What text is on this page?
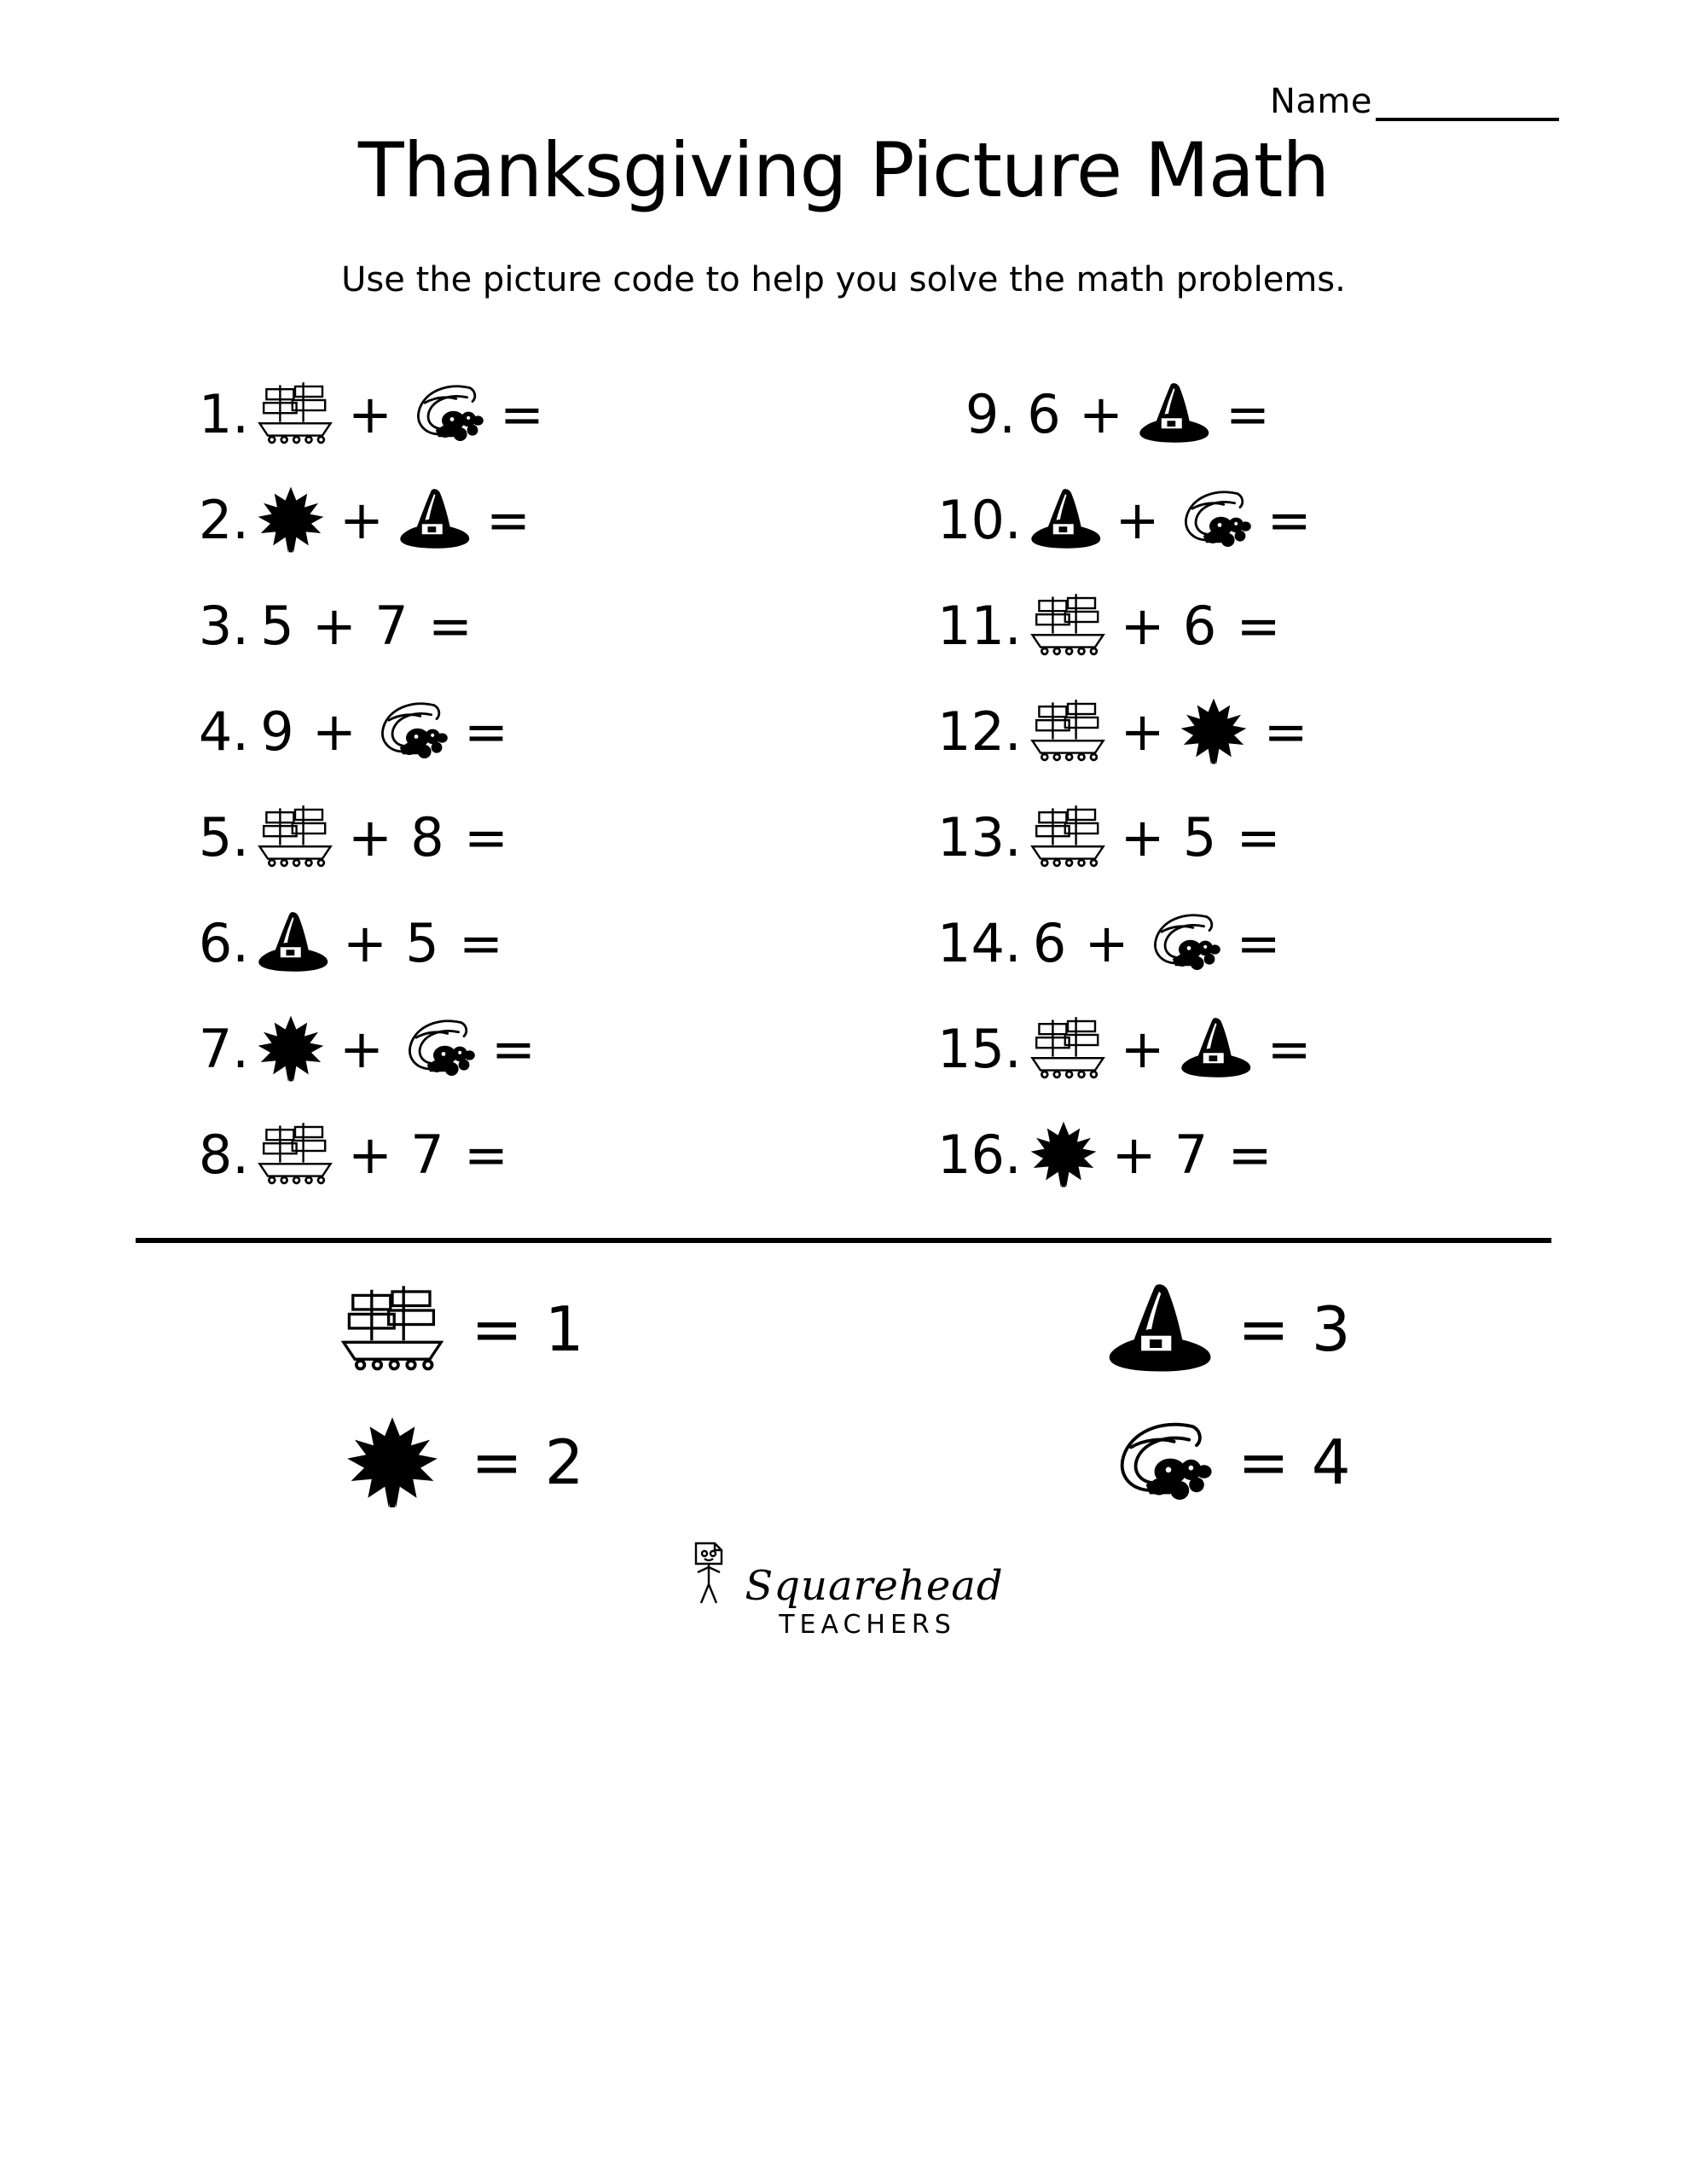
Name
Thanksgiving Picture Math

Use the picture code to help you solve the math problems.

1. + =	9. 6 + =
2. + =	10. + =
3. 5 + 7 =	11. + 6 =
4. 9 + =	12. + =
5. + 8 =	13. + 5 =
6. + 5 =	14. 6 + =
7. + =	15. + =
8. + 7 =	16. + 7 =
= 1	= 3
= 2	= 4
Squarehead
TEACHERS
